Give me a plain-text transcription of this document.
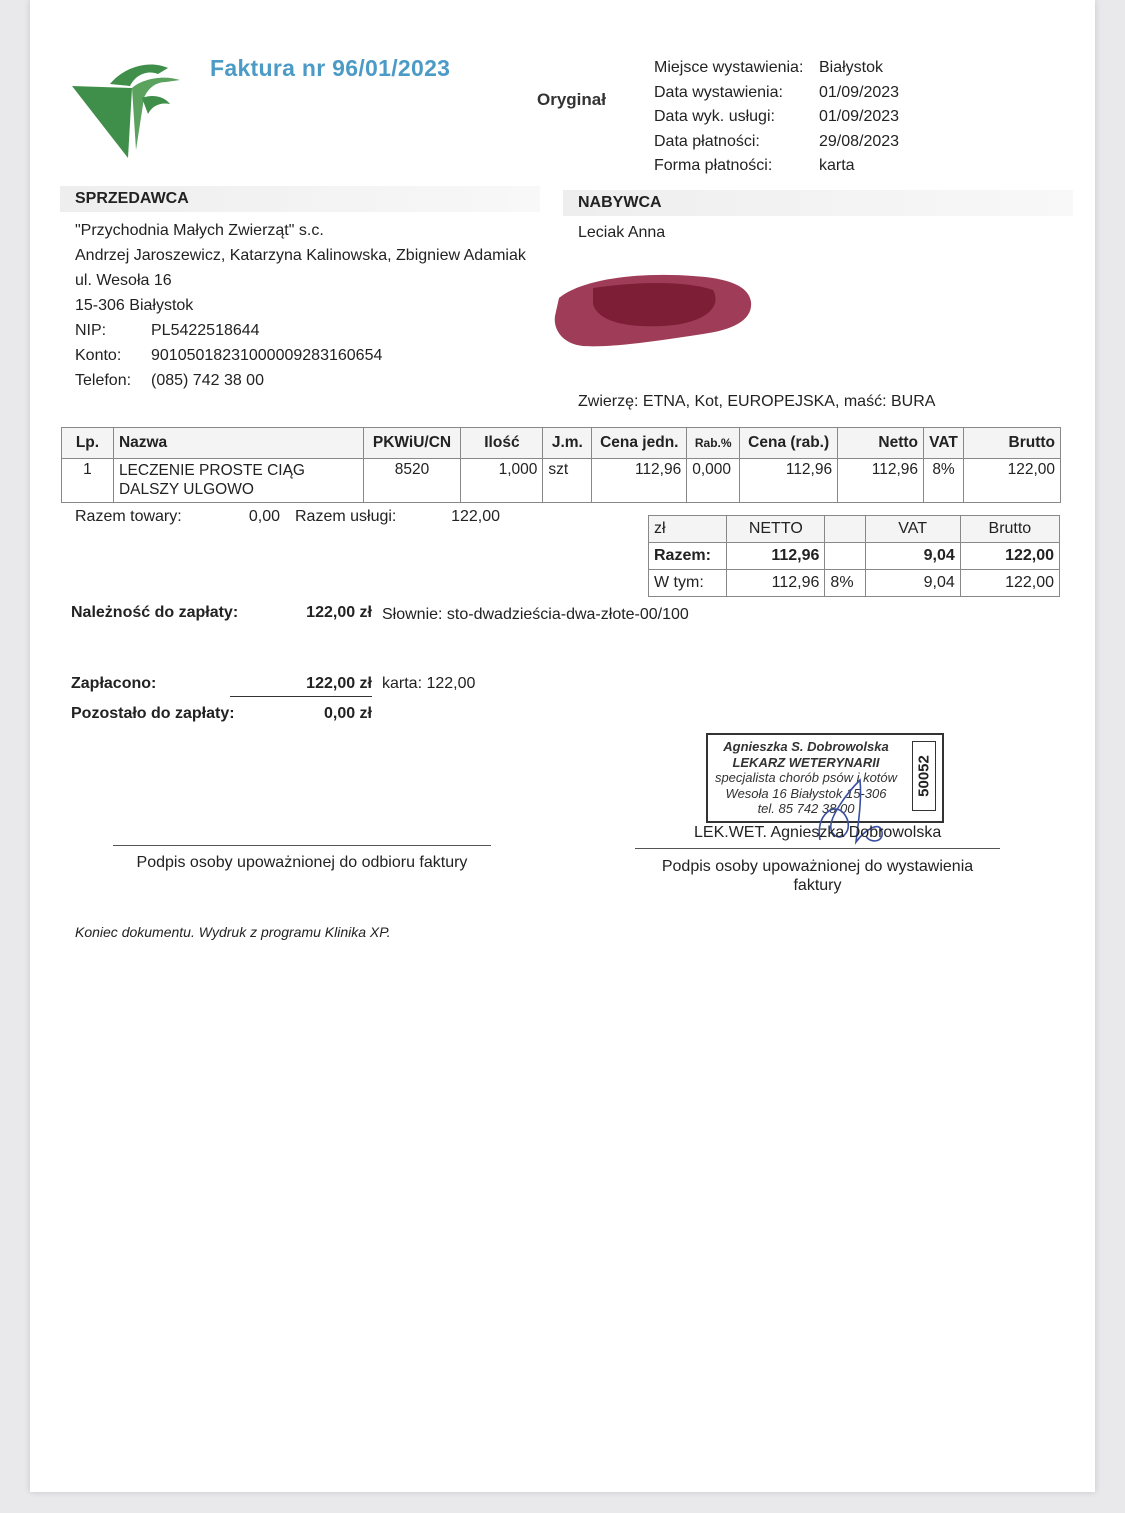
Faktura nr 96/01/2023
Oryginał
Miejsce wystawienia: Białystok
Data wystawienia: 01/09/2023
Data wyk. usługi:	01/09/2023
Data płatności:	29/08/2023
Forma płatności:	karta
SPRZEDAWCA
"Przychodnia Małych Zwierząt" s.c.
Andrzej Jaroszewicz, Katarzyna Kalinowska, Zbigniew Adamiak
ul. Wesoła 16
15-306 Białystok
NIP:	PL5422518644
Konto: 90105018231000009283160654
Telefon: (085) 742 38 00
NABYWCA
Leciak Anna
Zwierzę: ETNA, Kot, EUROPEJSKA, maść: BURA
Lp.	Nazwa	PKWiU/CN	Ilość	J.m.	Cena jedn.	Rab.%	Cena (rab.)	Netto	VAT	Brutto
1	LECZENIE PROSTE CIĄG DALSZY ULGOWO	8520	1,000	szt	112,96	0,000	112,96	112,96	8%	122,00
Razem towary:	0,00 Razem usługi:	122,00
zł	NETTO		VAT	Brutto
Razem:	112,96		9,04	122,00
W tym:	112,96	8%	9,04	122,00
Należność do zapłaty:	122,00 zł Słownie: sto-dwadzieścia-dwa-złote-00/100
Zapłacono:	122,00 zł karta: 122,00
Pozostało do zapłaty:	0,00 zł
Agnieszka S. Dobrowolska
LEKARZ WETERYNARII
specjalista chorób psów i kotów
Wesoła 16 Białystok 15-306
tel. 85 742 38 00
50052
LEK.WET. Agnieszka Dobrowolska
Podpis osoby upoważnionej do odbioru faktury	Podpis osoby upoważnionej do wystawienia faktury
Koniec dokumentu. Wydruk z programu Klinika XP.
